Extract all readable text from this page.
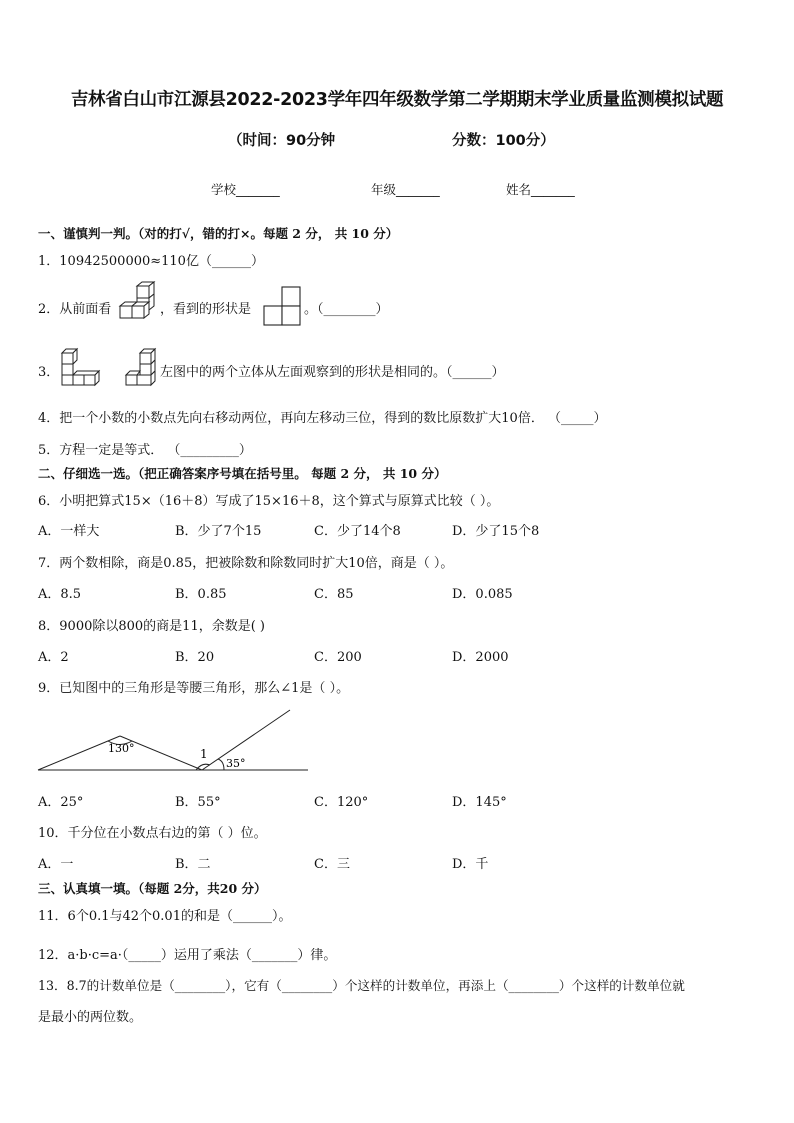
吉林省白山市江源县2022-2023学年四年级数学第二学期期末学业质量监测模拟试题
（时间：90分钟	分数：100分）
学校_______	年级_______	姓名_______
一、谨慎判一判。（对的打√，错的打×。每题 2 分， 共 10 分）
1．10942500000≈110亿（______）
2．从前面看	，看到的形状是	。（________）
3．	左图中的两个立体从左面观察到的形状是相同的。（______）
4．把一个小数的小数点先向右移动两位，再向左移动三位，得到的数比原数扩大10倍． （_____）
5．方程一定是等式． （_________）
二、仔细选一选。（把正确答案序号填在括号里。 每题 2 分， 共 10 分）
6．小明把算式15×（16＋8）写成了15×16＋8，这个算式与原算式比较（ ）。
A．一样大	B．少了7个15	C．少了14个8	D．少了15个8
7．两个数相除，商是0.85，把被除数和除数同时扩大10倍，商是（ ）。
A．8.5	B．0.85	C．85	D．0.085
8．9000除以800的商是11，余数是( )
A．2	B．20	C．200	D．2000
9．已知图中的三角形是等腰三角形，那么∠1是（ ）。
130°	1
35°
A．25°	B．55°	C．120°	D．145°
10．千分位在小数点右边的第（ ）位。
A．一	B．二	C．三	D．千
三、认真填一填。（每题 2分，共20 分）
11．6个0.1与42个0.01的和是（______）。
12．a·b·c=a·（_____）运用了乘法（_______）律。
13．8.7的计数单位是（________），它有（________）个这样的计数单位，再添上（________）个这样的计数单位就
是最小的两位数。
